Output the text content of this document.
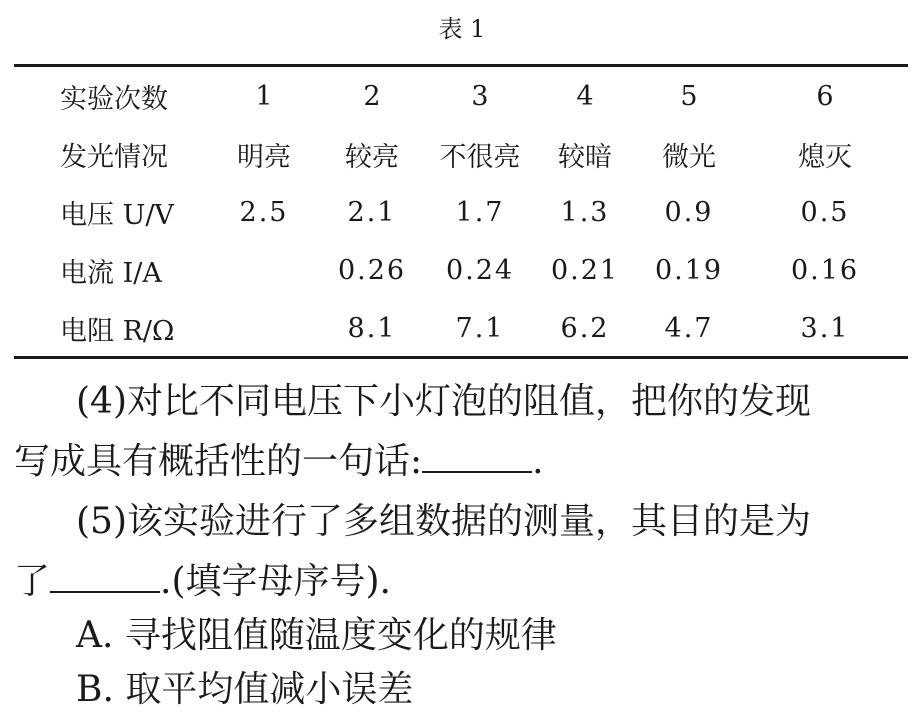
表 1
实验次数	1	2	3	4	5	6
发光情况	明亮	较亮	不很亮	较暗	微光	熄灭
电压 U/V	2.5	2.1	1.7	1.3	0.9	0.5
电流 I/A		0.26	0.24	0.21	0.19	0.16
电阻 R/Ω		8.1	7.1	6.2	4.7	3.1
(4)对比不同电压下小灯泡的阻值，把你的发现
写成具有概括性的一句话:	.
(5)该实验进行了多组数据的测量，其目的是为
了	.(填字母序号).
A. 寻找阻值随温度变化的规律
B. 取平均值减小误差
